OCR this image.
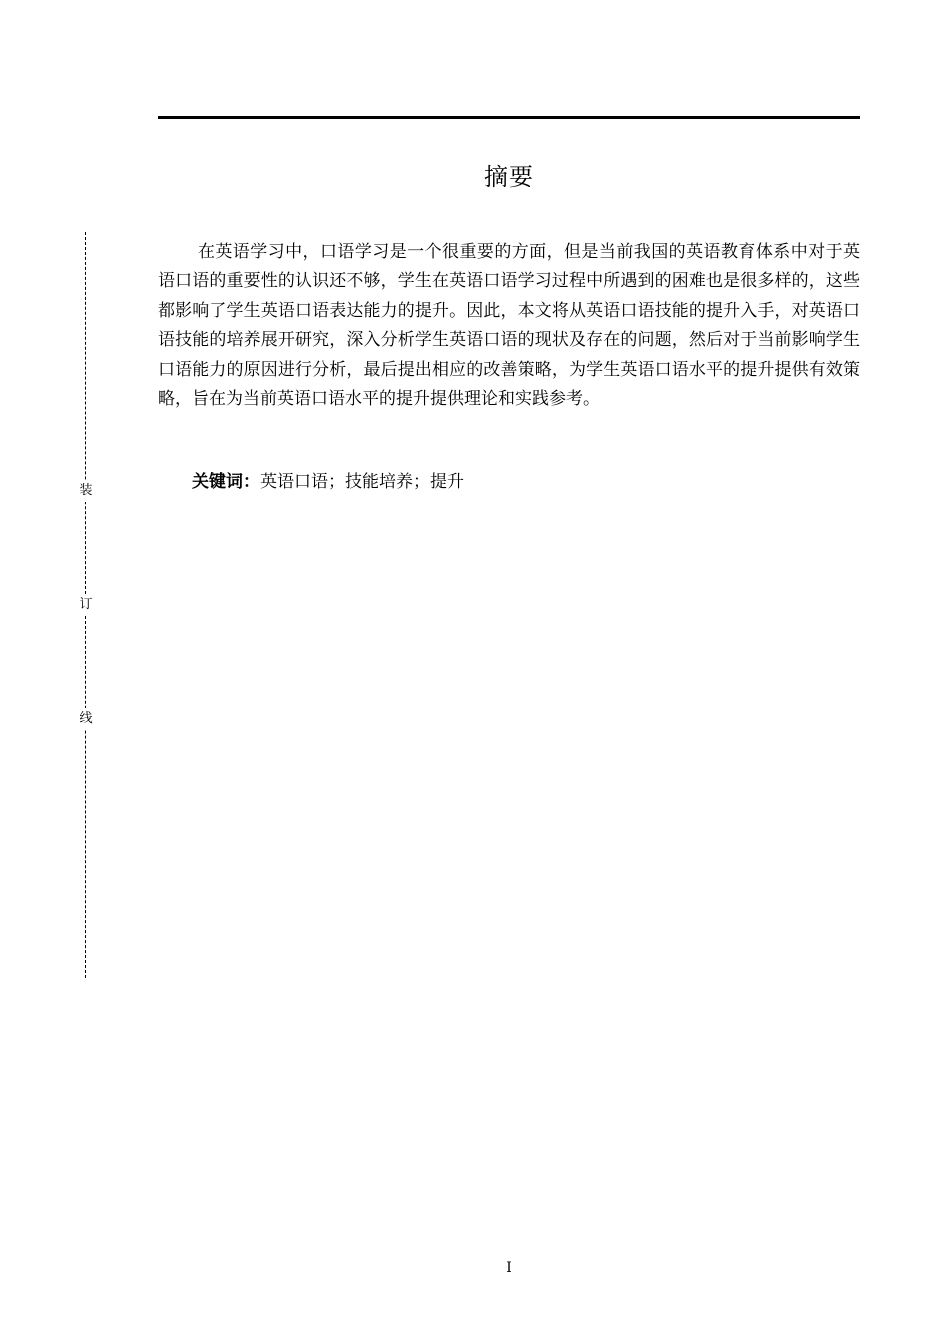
摘要

在英语学习中，口语学习是一个很重要的方面，但是当前我国的英语教育体系中对于英语口语的重要性的认识还不够，学生在英语口语学习过程中所遇到的困难也是很多样的，这些都影响了学生英语口语表达能力的提升。因此，本文将从英语口语技能的提升入手，对英语口语技能的培养展开研究，深入分析学生英语口语的现状及存在的问题，然后对于当前影响学生口语能力的原因进行分析，最后提出相应的改善策略，为学生英语口语水平的提升提供有效策略，旨在为当前英语口语水平的提升提供理论和实践参考。

关键词：英语口语；技能培养；提升

装
订
线
I
